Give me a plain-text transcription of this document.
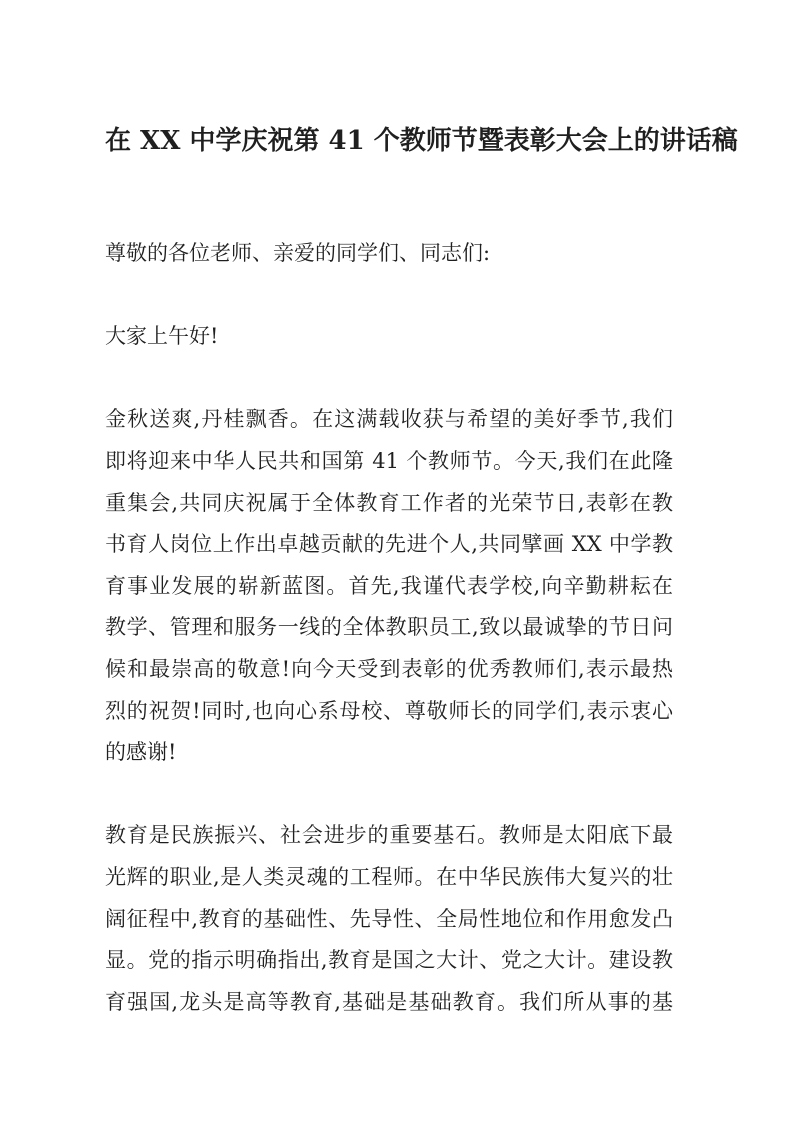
在 XX 中学庆祝第 41 个教师节暨表彰大会上的讲话稿
尊敬的各位老师、亲爱的同学们、同志们:
大家上午好!
金秋送爽,丹桂飘香。在这满载收获与希望的美好季节,我们
即将迎来中华人民共和国第 41 个教师节。今天,我们在此隆
重集会,共同庆祝属于全体教育工作者的光荣节日,表彰在教
书育人岗位上作出卓越贡献的先进个人,共同擘画 XX 中学教
育事业发展的崭新蓝图。首先,我谨代表学校,向辛勤耕耘在
教学、管理和服务一线的全体教职员工,致以最诚挚的节日问
候和最崇高的敬意!向今天受到表彰的优秀教师们,表示最热
烈的祝贺!同时,也向心系母校、尊敬师长的同学们,表示衷心
的感谢!
教育是民族振兴、社会进步的重要基石。教师是太阳底下最
光辉的职业,是人类灵魂的工程师。在中华民族伟大复兴的壮
阔征程中,教育的基础性、先导性、全局性地位和作用愈发凸
显。党的指示明确指出,教育是国之大计、党之大计。建设教
育强国,龙头是高等教育,基础是基础教育。我们所从事的基
